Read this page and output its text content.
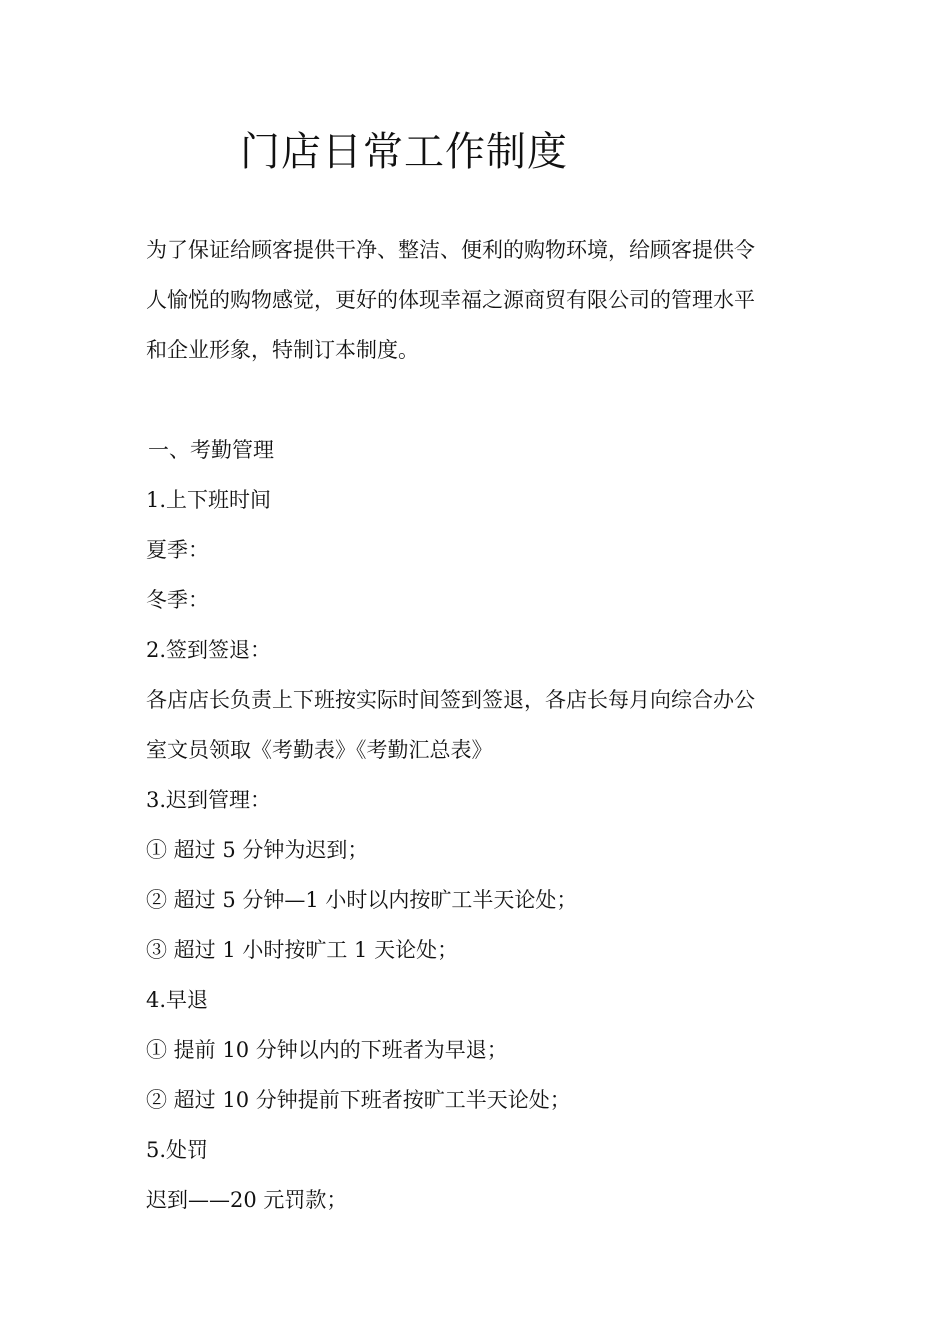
门店日常工作制度

为了保证给顾客提供干净、整洁、便利的购物环境，给顾客提供令
人愉悦的购物感觉，更好的体现幸福之源商贸有限公司的管理水平
和企业形象，特制订本制度。

一、考勤管理
1.上下班时间
夏季：
冬季：
2.签到签退：
各店店长负责上下班按实际时间签到签退，各店长每月向综合办公
室文员领取《考勤表》《考勤汇总表》
3.迟到管理：
① 超过 5 分钟为迟到；
② 超过 5 分钟—1 小时以内按旷工半天论处；
③ 超过 1 小时按旷工 1 天论处；
4.早退
① 提前 10 分钟以内的下班者为早退；
② 超过 10 分钟提前下班者按旷工半天论处；
5.处罚
迟到——20 元罚款；
